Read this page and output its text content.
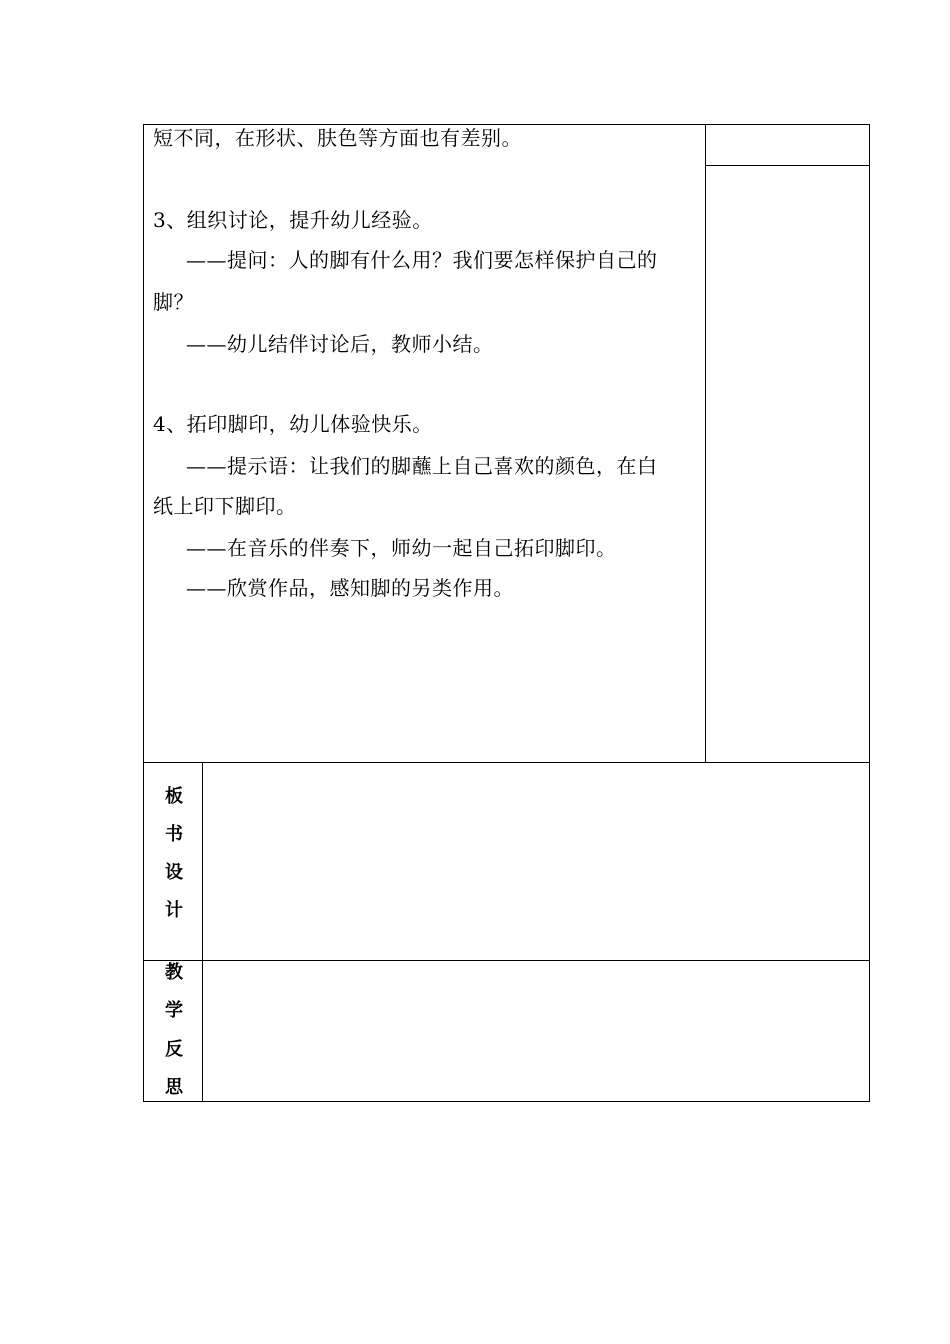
短不同，在形状、肤色等方面也有差别。
3、组织讨论，提升幼儿经验。
——提问：人的脚有什么用？我们要怎样保护自己的
脚？
——幼儿结伴讨论后，教师小结。
4、拓印脚印，幼儿体验快乐。
——提示语：让我们的脚蘸上自己喜欢的颜色，在白
纸上印下脚印。
——在音乐的伴奏下，师幼一起自己拓印脚印。
——欣赏作品，感知脚的另类作用。
板
书
设
计
教
学
反
思
